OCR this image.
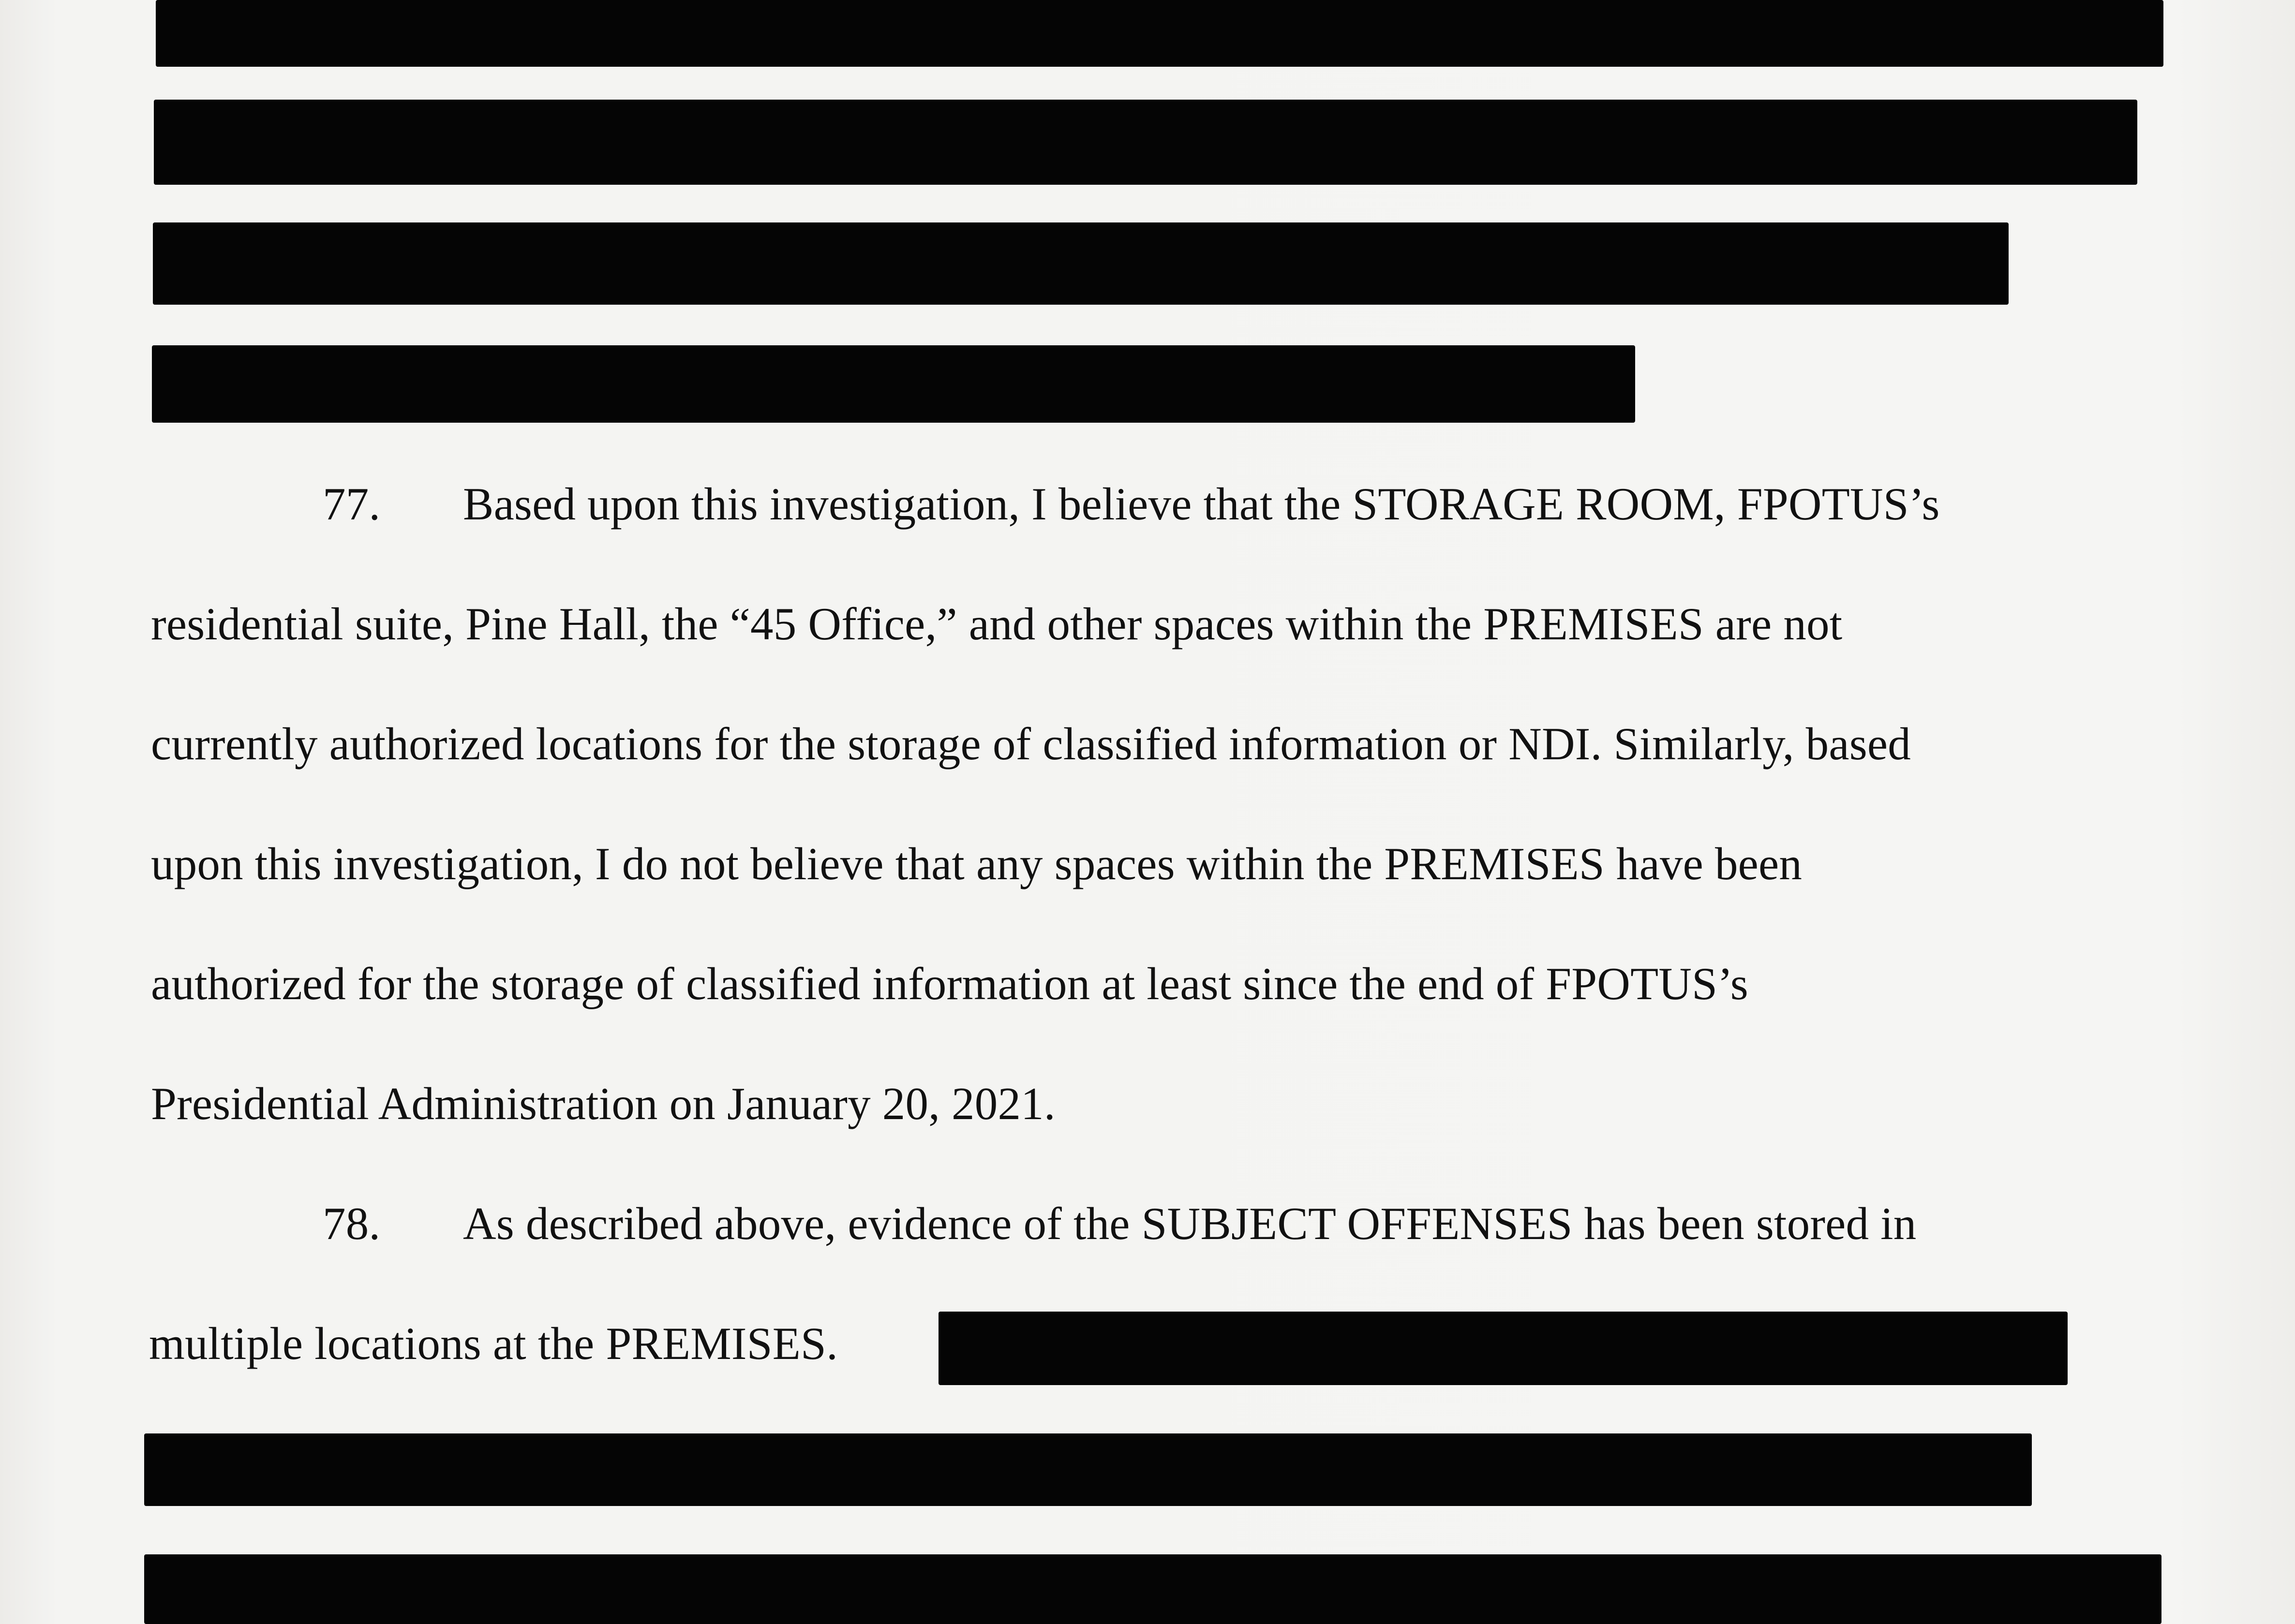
77. Based upon this investigation, I believe that the STORAGE ROOM, FPOTUS’s
residential suite, Pine Hall, the “45 Office,” and other spaces within the PREMISES are not
currently authorized locations for the storage of classified information or NDI. Similarly, based
upon this investigation, I do not believe that any spaces within the PREMISES have been
authorized for the storage of classified information at least since the end of FPOTUS’s
Presidential Administration on January 20, 2021.
78. As described above, evidence of the SUBJECT OFFENSES has been stored in
multiple locations at the PREMISES.
